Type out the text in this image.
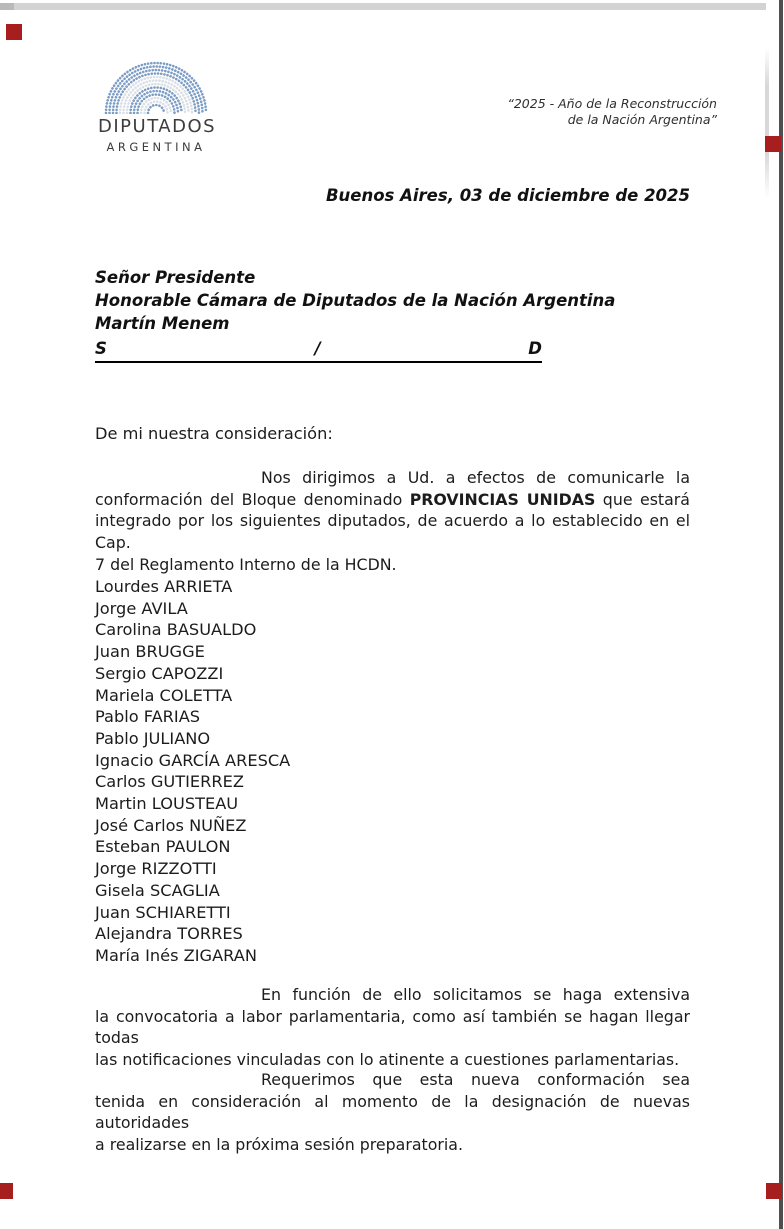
DIPUTADOS
ARGENTINA
“2025 - Año de la Reconstrucción
de la Nación Argentina”
Buenos Aires, 03 de diciembre de 2025
Señor Presidente
Honorable Cámara de Diputados de la Nación Argentina
Martín Menem
S	/	D
De mi nuestra consideración:
Nos dirigimos a Ud. a efectos de comunicarle la
conformación del Bloque denominado PROVINCIAS UNIDAS que estará
integrado por los siguientes diputados, de acuerdo a lo establecido en el Cap.
7 del Reglamento Interno de la HCDN.
Lourdes ARRIETA
Jorge AVILA
Carolina BASUALDO
Juan BRUGGE
Sergio CAPOZZI
Mariela COLETTA
Pablo FARIAS
Pablo JULIANO
Ignacio GARCÍA ARESCA
Carlos GUTIERREZ
Martin LOUSTEAU
José Carlos NUÑEZ
Esteban PAULON
Jorge RIZZOTTI
Gisela SCAGLIA
Juan SCHIARETTI
Alejandra TORRES
María Inés ZIGARAN
En función de ello solicitamos se haga extensiva
la convocatoria a labor parlamentaria, como así también se hagan llegar todas
las notificaciones vinculadas con lo atinente a cuestiones parlamentarias.
Requerimos que esta nueva conformación sea
tenida en consideración al momento de la designación de nuevas autoridades
a realizarse en la próxima sesión preparatoria.
